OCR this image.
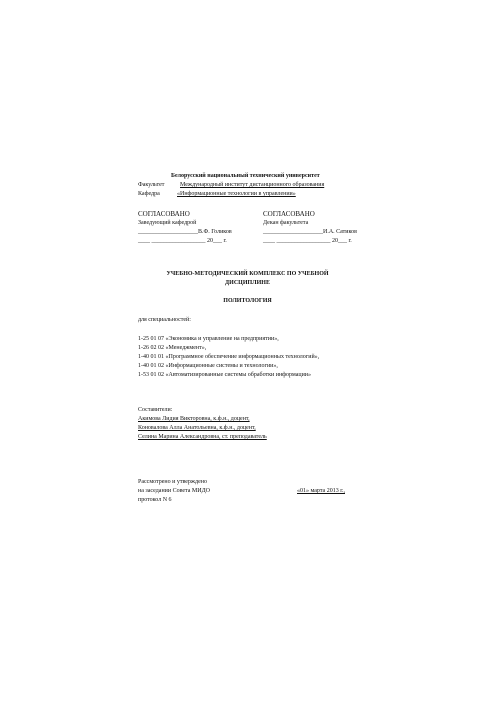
Белорусский национальный технический университет
Факультет	Международный институт дистанционного образования
Кафедра	«Информационные технологии в управлении»
СОГЛАСОВАНО
Заведующий кафедрой
____________________В.Ф. Голиков
____ __________________ 20___ г.
СОГЛАСОВАНО
Декан факультета
____________________И.А. Сатиков
____ __________________ 20___ г.
УЧЕБНО-МЕТОДИЧЕСКИЙ КОМПЛЕКС ПО УЧЕБНОЙ
ДИСЦИПЛИНЕ
ПОЛИТОЛОГИЯ
для специальностей:
1-25 01 07 «Экономика и управление на предприятии»,
1-26 02 02 «Менеджмент»,
1-40 01 01 «Программное обеспечение информационных технологий»,
1-40 01 02 «Информационные системы и технологии»,
1-53 01 02 «Автоматизированные системы обработки информации»
Составители:
Акимова Лидия Викторовна, к.ф.н., доцент,
Коновалова Алла Анатольевна, к.ф.н., доцент,
Селина Марина Александровна, ст. преподаватель
Рассмотрено и утверждено
на заседании Совета МИДО
протокол N 6
«01» марта 2013 г.,
